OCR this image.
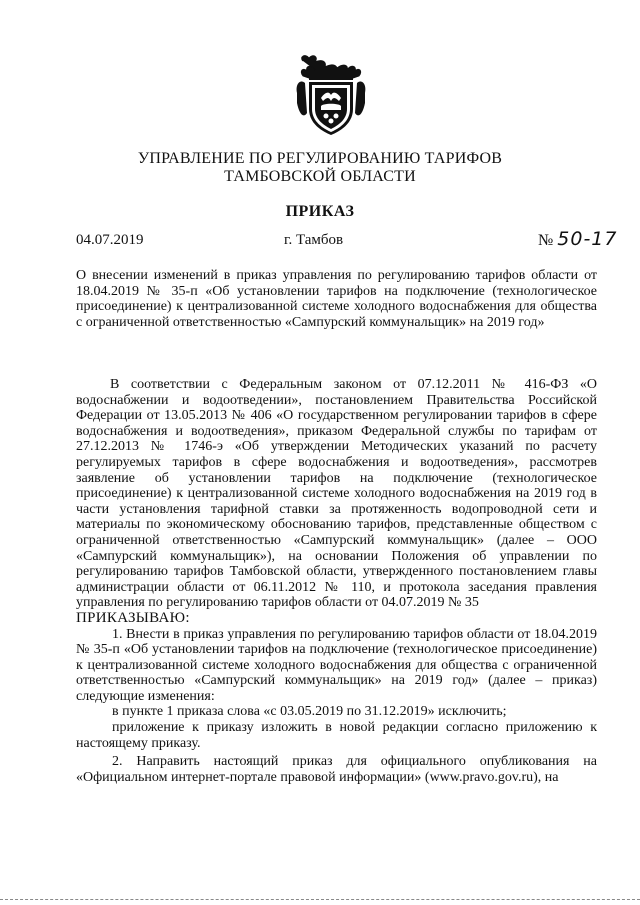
УПРАВЛЕНИЕ ПО РЕГУЛИРОВАНИЮ ТАРИФОВ
ТАМБОВСКОЙ ОБЛАСТИ
ПРИКАЗ
04.07.2019	г. Тамбов	№ 50-17
О внесении изменений в приказ управления по регулированию тарифов области от 18.04.2019 № 35-п «Об установлении тарифов на подключение (технологическое присоединение) к централизованной системе холодного водоснабжения для общества с ограниченной ответственностью «Сампурский коммунальщик» на 2019 год»

В соответствии с Федеральным законом от 07.12.2011 № 416-ФЗ «О водоснабжении и водоотведении», постановлением Правительства Российской Федерации от 13.05.2013 № 406 «О государственном регулировании тарифов в сфере водоснабжения и водоотведения», приказом Федеральной службы по тарифам от 27.12.2013 № 1746-э «Об утверждении Методических указаний по расчету регулируемых тарифов в сфере водоснабжения и водоотведения», рассмотрев заявление об установлении тарифов на подключение (технологическое присоединение) к централизованной системе холодного водоснабжения на 2019 год в части установления тарифной ставки за протяженность водопроводной сети и материалы по экономическому обоснованию тарифов, представленные обществом с ограниченной ответственностью «Сампурский коммунальщик» (далее – ООО «Сампурский коммунальщик»), на основании Положения об управлении по регулированию тарифов Тамбовской области, утвержденного постановлением главы администрации области от 06.11.2012 № 110, и протокола заседания правления управления по регулированию тарифов области от 04.07.2019 № 35

ПРИКАЗЫВАЮ:

1. Внести в приказ управления по регулированию тарифов области от 18.04.2019 № 35-п «Об установлении тарифов на подключение (технологическое присоединение) к централизованной системе холодного водоснабжения для общества с ограниченной ответственностью «Сампурский коммунальщик» на 2019 год» (далее – приказ) следующие изменения:

в пункте 1 приказа слова «с 03.05.2019 по 31.12.2019» исключить;

приложение к приказу изложить в новой редакции согласно приложению к настоящему приказу.

2. Направить настоящий приказ для официального опубликования на «Официальном интернет-портале правовой информации» (www.pravo.gov.ru), на
